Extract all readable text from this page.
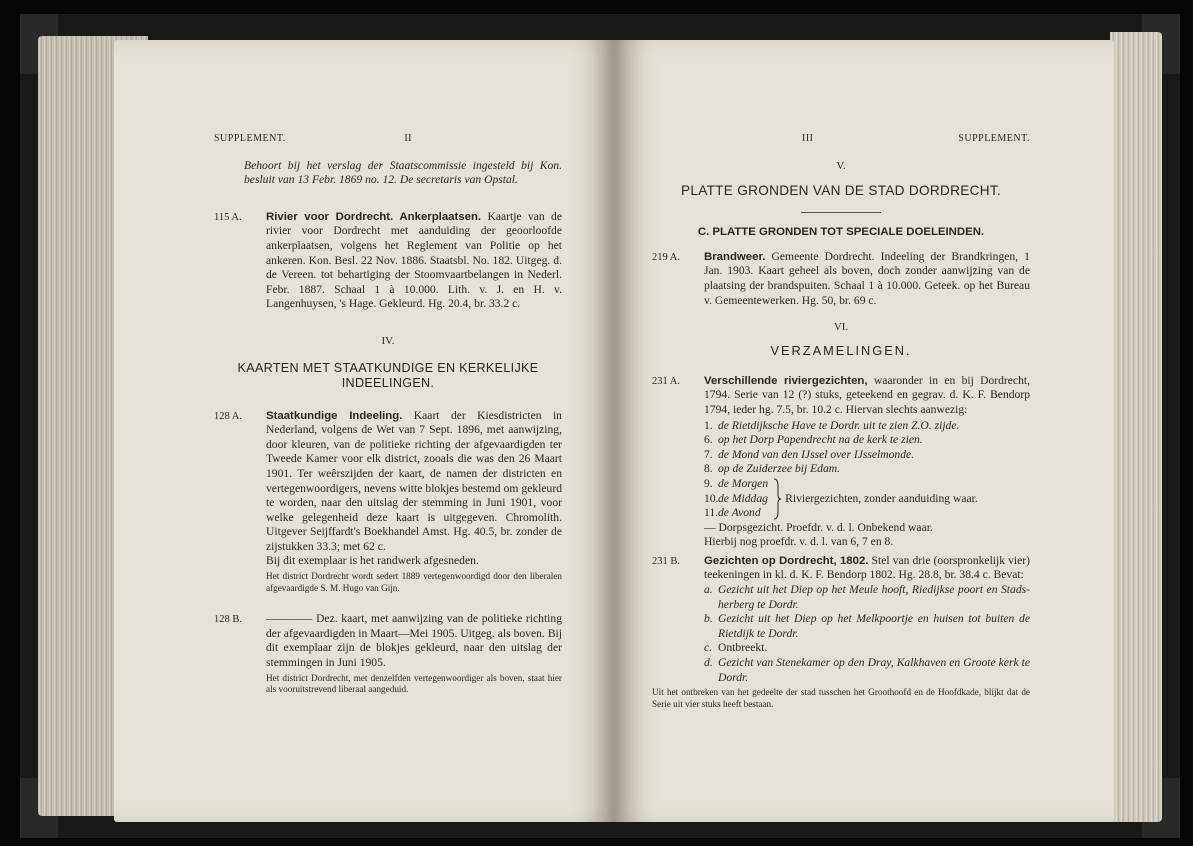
SUPPLEMENT.	II
Behoort bij het verslag der Staatscommissie ingesteld bij Kon. besluit van 13 Febr. 1869 no. 12. De secretaris van Opstal.
115 A. Rivier voor Dordrecht. Ankerplaatsen. Kaartje van de rivier voor Dordrecht met aanduiding der geoorloofde ankerplaatsen, volgens het Reglement van Politie op het ankeren. Kon. Besl. 22 Nov. 1886. Staatsbl. No. 182. Uitgeg. d. de Vereen. tot behartiging der Stoomvaartbelangen in Nederl. Febr. 1887. Schaal 1 à 10.000. Lith. v. J. en H. v. Langenhuysen, 's Hage. Gekleurd. Hg. 20.4, br. 33.2 c.
IV.
KAARTEN MET STAATKUNDIGE EN KERKELIJKE INDEELINGEN.
128 A. Staatkundige Indeeling. Kaart der Kiesdistricten in Nederland, volgens de Wet van 7 Sept. 1896, met aanwijzing, door kleuren, van de politieke richting der afgevaardigden ter Tweede Kamer voor elk district, zooals die was den 26 Maart 1901. Ter weêrszijden der kaart, de namen der districten en vertegenwoordigers, nevens witte blokjes bestemd om gekleurd te worden, naar den uitslag der stemming in Juni 1901, voor welke gelegenheid deze kaart is uitgegeven. Chromolith. Uitgever Seijffardt's Boekhandel Amst. Hg. 40.5, br. zonder de zijstukken 33.3; met 62 c.
Bij dit exemplaar is het randwerk afgesneden.
Het district Dordrecht wordt sedert 1889 vertegenwoordigd door den liberalen afgevaardigde S. M. Hugo van Gijn.
128 B. ———— Dez. kaart, met aanwijzing van de politieke richting der afgevaardigden in Maart—Mei 1905. Uitgeg. als boven. Bij dit exemplaar zijn de blokjes gekleurd, naar den uitslag der stemmingen in Juni 1905.
Het district Dordrecht, met denzelfden vertegenwoordiger als boven, staat hier als vooruitstrevend liberaal aangeduid.
III	SUPPLEMENT.
V.
PLATTE GRONDEN VAN DE STAD DORDRECHT.
C. PLATTE GRONDEN TOT SPECIALE DOELEINDEN.
219 A. Brandweer. Gemeente Dordrecht. Indeeling der Brandkringen, 1 Jan. 1903. Kaart geheel als boven, doch zonder aanwijzing van de plaatsing der brandspuiten. Schaal 1 à 10.000. Geteek. op het Bureau v. Gemeentewerken. Hg. 50, br. 69 c.
VI.
VERZAMELINGEN.
231 A. Verschillende riviergezichten, waaronder in en bij Dordrecht, 1794. Serie van 12 (?) stuks, geteekend en gegrav. d. K. F. Bendorp 1794, ieder hg. 7.5, br. 10.2 c. Hiervan slechts aanwezig:
1. de Rietdijksche Have te Dordr. uit te zien Z.O. zijde.
6. op het Dorp Papendrecht na de kerk te zien.
7. de Mond van den IJssel over IJsselmonde.
8. op de Zuiderzee bij Edam.
9. de Morgen
10. de Middag
11. de Avond
Riviergezichten, zonder aanduiding waar.
— Dorpsgezicht. Proefdr. v. d. l. Onbekend waar.
Hierbij nog proefdr. v. d. l. van 6, 7 en 8.
231 B. Gezichten op Dordrecht, 1802. Stel van drie (oorspronkelijk vier) teekeningen in kl. d. K. F. Bendorp 1802. Hg. 28.8, br. 38.4 c. Bevat:
a. Gezicht uit het Diep op het Meule hooft, Riedijkse poort en Stads-herberg te Dordr.
b. Gezicht uit het Diep op het Melkpoortje en huisen tot buiten de Rietdijk te Dordr.
c. Ontbreekt.
d. Gezicht van Stenekamer op den Dray, Kalkhaven en Groote kerk te Dordr.
Uit het ontbreken van het gedeelte der stad tusschen het Groothoofd en de Hoofdkade, blijkt dat de Serie uit vier stuks heeft bestaan.
